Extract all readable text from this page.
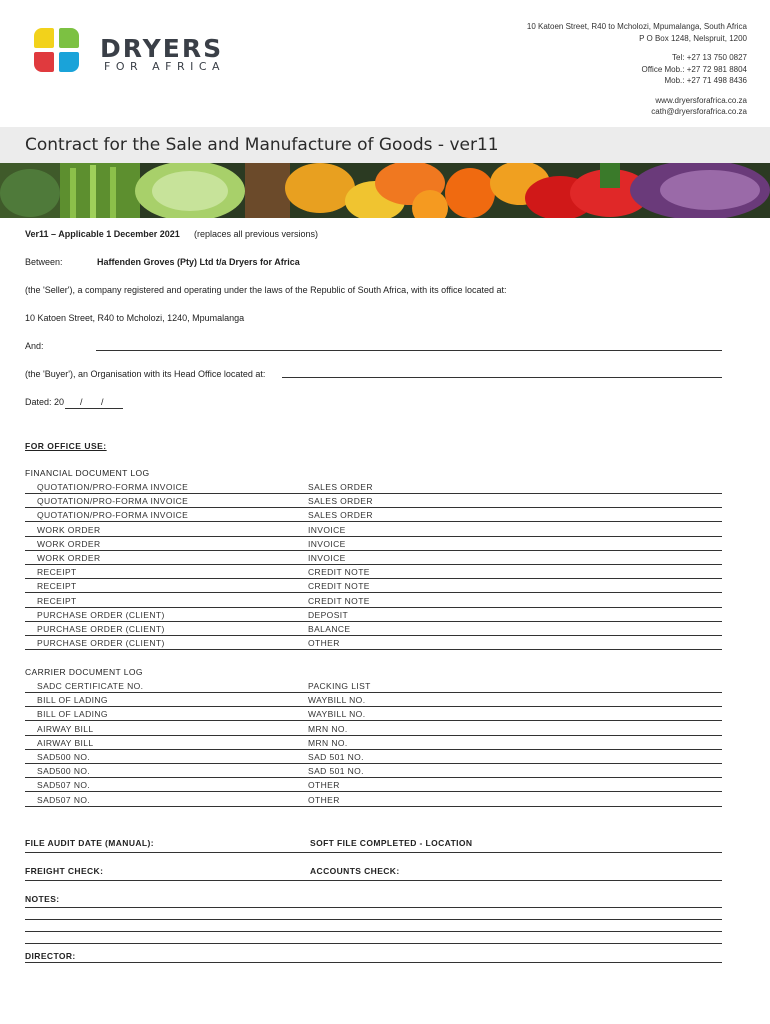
DRYERS
FOR AFRICA
10 Katoen Street, R40 to Mcholozi, Mpumalanga, South Africa
P O Box 1248, Nelspruit, 1200
Tel: +27 13 750 0827
Office Mob.: +27 72 981 8804
Mob.: +27 71 498 8436
www.dryersforafrica.co.za
cath@dryersforafrica.co.za
Contract for the Sale and Manufacture of Goods - ver11
Ver11 – Applicable 1 December 2021 (replaces all previous versions)
Between:	Haffenden Groves (Pty) Ltd t/a Dryers for Africa
(the 'Seller'), a company registered and operating under the laws of the Republic of South Africa, with its office located at:
10 Katoen Street, R40 to Mcholozi, 1240, Mpumalanga
And:
(the 'Buyer'), an Organisation with its Head Office located at:
Dated: 20 / /
FOR OFFICE USE:
FINANCIAL DOCUMENT LOG
QUOTATION/PRO-FORMA INVOICE	SALES ORDER
QUOTATION/PRO-FORMA INVOICE	SALES ORDER
QUOTATION/PRO-FORMA INVOICE	SALES ORDER
WORK ORDER	INVOICE
WORK ORDER	INVOICE
WORK ORDER	INVOICE
RECEIPT	CREDIT NOTE
RECEIPT	CREDIT NOTE
RECEIPT	CREDIT NOTE
PURCHASE ORDER (CLIENT)	DEPOSIT
PURCHASE ORDER (CLIENT)	BALANCE
PURCHASE ORDER (CLIENT)	OTHER
CARRIER DOCUMENT LOG
SADC CERTIFICATE NO.	PACKING LIST
BILL OF LADING	WAYBILL NO.
BILL OF LADING	WAYBILL NO.
AIRWAY BILL	MRN NO.
AIRWAY BILL	MRN NO.
SAD500 NO.	SAD 501 NO.
SAD500 NO.	SAD 501 NO.
SAD507 NO.	OTHER
SAD507 NO.	OTHER
FILE AUDIT DATE (MANUAL):	SOFT FILE COMPLETED - LOCATION
FREIGHT CHECK:	ACCOUNTS CHECK:
NOTES:
DIRECTOR:
